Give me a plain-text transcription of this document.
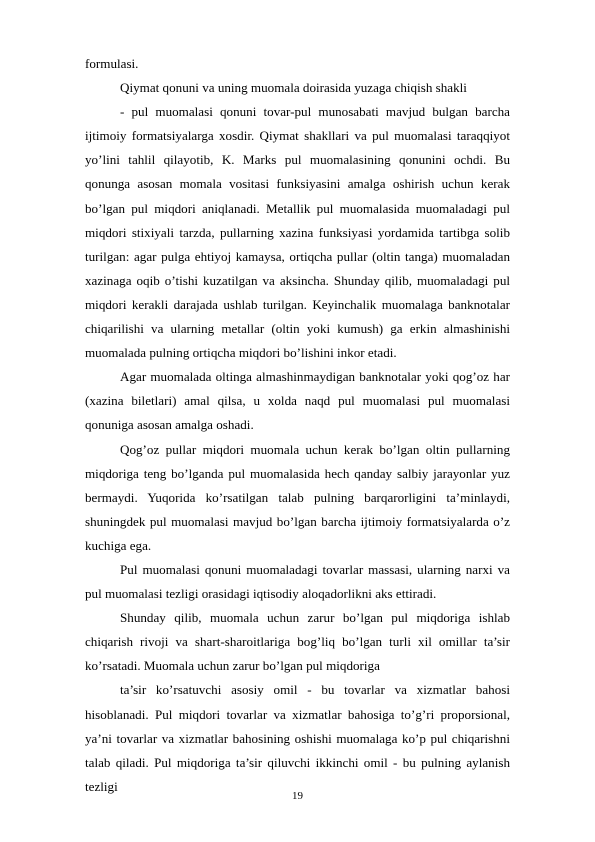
formulasi.

Qiymat qonuni va uning muomala doirasida yuzaga chiqish shakli

- pul muomalasi qonuni tovar-pul munosabati mavjud bulgan barcha ijtimoiy formatsiyalarga xosdir. Qiymat shakllari va pul muomalasi taraqqiyot yo’lini tahlil qilayotib, K. Marks pul muomalasining qonunini ochdi. Bu qonunga asosan momala vositasi funksiyasini amalga oshirish uchun kerak bo’lgan pul miqdori aniqlanadi. Metallik pul muomalasida muomaladagi pul miqdori stixiyali tarzda, pullarning xazina funksiyasi yordamida tartibga solib turilgan: agar pulga ehtiyoj kamaysa, ortiqcha pullar (oltin tanga) muomaladan xazinaga oqib o’tishi kuzatilgan va aksincha. Shunday qilib, muomaladagi pul miqdori kerakli darajada ushlab turilgan. Keyinchalik muomalaga banknotalar chiqarilishi va ularning metallar (oltin yoki kumush) ga erkin almashinishi muomalada pulning ortiqcha miqdori bo’lishini inkor etadi.

Agar muomalada oltinga almashinmaydigan banknotalar yoki qog’oz har (xazina biletlari) amal qilsa, u xolda naqd pul muomalasi pul muomalasi qonuniga asosan amalga oshadi.

Qog’oz pullar miqdori muomala uchun kerak bo’lgan oltin pullarning miqdoriga teng bo’lganda pul muomalasida hech qanday salbiy jarayonlar yuz bermaydi. Yuqorida ko’rsatilgan talab pulning barqarorligini ta’minlaydi, shuningdek pul muomalasi mavjud bo’lgan barcha ijtimoiy formatsiyalarda o’z kuchiga ega.

Pul muomalasi qonuni muomaladagi tovarlar massasi, ularning narxi va pul muomalasi tezligi orasidagi iqtisodiy aloqadorlikni aks ettiradi.

Shunday qilib, muomala uchun zarur bo’lgan pul miqdoriga ishlab chiqarish rivoji va shart-sharoitlariga bog’liq bo’lgan turli xil omillar ta’sir ko’rsatadi. Muomala uchun zarur bo’lgan pul miqdoriga

ta’sir ko’rsatuvchi asosiy omil - bu tovarlar va xizmatlar bahosi hisoblanadi. Pul miqdori tovarlar va xizmatlar bahosiga to’g’ri proporsional, ya’ni tovarlar va xizmatlar bahosining oshishi muomalaga ko’p pul chiqarishni talab qiladi. Pul miqdoriga ta’sir qiluvchi ikkinchi omil - bu pulning aylanish tezligi

19
